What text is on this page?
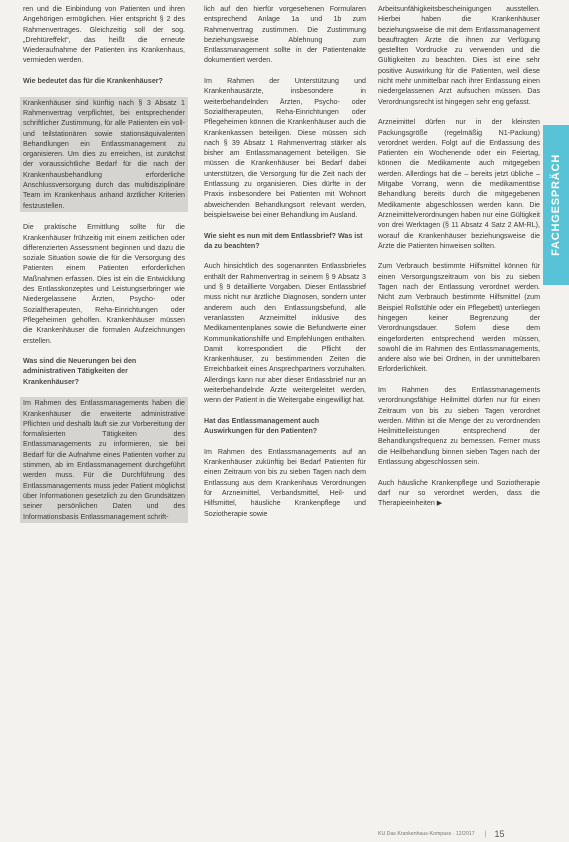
ren und die Einbindung von Patienten und ihren Angehörigen ermöglichen. Hier entspricht § 2 des Rahmenvertrages. Gleichzeitig soll der sog. „Drehtüreffekt“, das heißt die erneute Wiederaufnahme der Patienten ins Krankenhaus, vermieden werden.

Wie bedeutet das für die Krankenhäuser?

Krankenhäuser sind künftig nach § 3 Absatz 1 Rahmenvertrag verpflichtet, bei entsprechender schriftlicher Zustimmung, für alle Patienten ein voll- und teilstationären sowie stationsäquivalenten Behandlungen ein Entlassmanagement zu organisieren. Um dies zu erreichen, ist zunächst der voraussichtliche Bedarf für die nach der Krankenhausbehandlung erforderliche Anschlussversorgung durch das multidisziplinäre Team im Krankenhaus anhand ärztlicher Kriterien festzustellen.

Die praktische Ermittlung sollte für die Krankenhäuser frühzeitig mit einem zeitlichen oder differenzierten Assessment beginnen und dazu die soziale Situation sowie die für die Versorgung des Patienten einem Patienten erforderlichen Maßnahmen erfassen. Dies ist ein die Entwicklung des Entlasskonzeptes und Leistungserbringer wie Niedergelassene Ärzten, Psycho- oder Sozialtherapeuten, Reha-Einrichtungen oder Pflegeheimen geholfen. Krankenhäuser müssen die Krankenhäuser die formalen Aufzeichnungen erstellen.

Was sind die Neuerungen bei den administrativen Tätigkeiten der Krankenhäuser?

Im Rahmen des Entlassmanagements haben die Krankenhäuser die erweiterte administrative Pflichten und deshalb läuft sie zur Vorbereitung der formalisierten Tätigkeiten des Entlassmanagements zu informieren, sie bei Bedarf für die Aufnahme eines Patienten vorher zu stimmen, ab im Entlassmanagement durchgeführt werden muss. Für die Durchführung des Entlassmanagements muss jeder Patient möglichst über Informationen gesetzlich zu den Grundsätzen seiner persönlichen Daten und des Informationsbasis Entlassmanagement schrift-

lich auf den hierfür vorgesehenen Formularen entsprechend Anlage 1a und 1b zum Rahmenvertrag zustimmen. Die Zustimmung beziehungsweise Ablehnung zum Entlassmanagement sollte in der Patientenakte dokumentiert werden.

Im Rahmen der Unterstützung und Krankenhausärzte, insbesondere in weiterbehandelnden Ärzten, Psycho- oder Sozialtherapeuten, Reha-Einrichtungen oder Pflegeheimen können die Krankenhäuser auch die Krankenkassen beteiligen. Diese müssen sich nach § 39 Absatz 1 Rahmenvertrag stärker als bisher am Entlassmanagement beteiligen. Sie müssen die Krankenhäuser bei Bedarf dabei unterstützen, die Versorgung für die Zeit nach der Entlassung zu organisieren. Dies dürfte in der Praxis insbesondere bei Patienten mit Wohnort abweichenden Behandlungsort relevant werden, beispielsweise bei einer Behandlung im Ausland.

Wie sieht es nun mit dem Entlassbrief? Was ist da zu beachten?

Auch hinsichtlich des sogenannten Entlassbriefes enthält der Rahmenvertrag in seinem § 9 Absatz 3 und § 9 detaillierte Vorgaben. Dieser Entlassbrief muss nicht nur ärztliche Diagnosen, sondern unter anderem auch den Entlassungsbefund, alle veranlassten Arzneimittel inklusive des Medikamentenplanes sowie die Befundwerte einer Kommunikationshilfe und Empfehlungen enthalten. Damit korrespondiert die Pflicht der Krankenhäuser, zu bestimmenden Zeiten die Erreichbarkeit eines Ansprechpartners vorzuhalten. Allerdings kann nur aber dieser Entlassbrief nur an weiterbehandelnde Ärzte weitergeleitet werden, wenn der Patient in die Weitergabe eingewilligt hat.

Hat das Entlassmanagement auch Auswirkungen für den Patienten?

Im Rahmen des Entlassmanagements auf an Krankenhäuser zukünftig bei Bedarf Patienten für einen Zeitraum von bis zu sieben Tagen nach dem Entlassung aus dem Krankenhaus Verordnungen für Arzneimittel, Verbandsmittel, Heil- und Hilfsmittel, häusliche Krankenpflege und Soziotherapie sowie

Arbeitsunfähigkeitsbescheinigungen ausstellen. Hierbei haben die Krankenhäuser beziehungsweise die mit dem Entlassmanagement beauftragten Ärzte die ihnen zur Verfügung gestellten Vordrucke zu verwenden und die Gültigkeiten zu beachten. Dies ist eine sehr positive Auswirkung für die Patienten, weil diese nicht mehr unmittelbar nach ihrer Entlassung einen niedergelassenen Arzt aufsuchen müssen. Das Verordnungsrecht ist hingegen sehr eng gefasst.

Arzneimittel dürfen nur in der kleinsten Packungsgröße (regelmäßig N1-Packung) verordnet werden. Folgt auf die Entlassung des Patienten ein Wochenende oder ein Feiertag, können die Medikamente auch mitgegeben werden. Allerdings hat die – bereits jetzt übliche – Mitgabe Vorrang, wenn die medikamentöse Behandlung bereits durch die mitgegebenen Medikamente abgeschlossen werden kann. Die Arzneimittelverordnungen haben nur eine Gültigkeit von drei Werktagen (§ 11 Absatz 4 Satz 2 AM-RL), worauf die Krankenhäuser beziehungsweise die Ärzte die Patienten hinweisen sollten.

Zum Verbrauch bestimmte Hilfsmittel können für einen Versorgungszeitraum von bis zu sieben Tagen nach der Entlassung verordnet werden. Nicht zum Verbrauch bestimmte Hilfsmittel (zum Beispiel Rollstühle oder ein Pflegebett) unterliegen hingegen keiner Begrenzung der Verordnungsdauer. Sofern diese dem eingeforderten entsprechend werden müssen, sowohl die im Rahmen des Entlassmanagements, andere also wie bei Ordnen, in der unmittelbaren Erforderlichkeit.

Im Rahmen des Entlassmanagements verordnungsfähige Heilmittel dürfen nur für einen Zeitraum von bis zu sieben Tagen verordnet werden. Mithin ist die Menge der zu verordnenden Heilmittelleistungen entsprechend der Behandlungsfrequenz zu bemessen. Ferner muss die Heilbehandlung binnen sieben Tagen nach der Entlassung abgeschlossen sein.

Auch häusliche Krankenpflege und Soziotherapie darf nur so verordnet werden, dass die Therapieeinheiten ▶

FACHGESPRÄCH
KU Das Krankenhaus-Kompass · 12/2017 | 15
